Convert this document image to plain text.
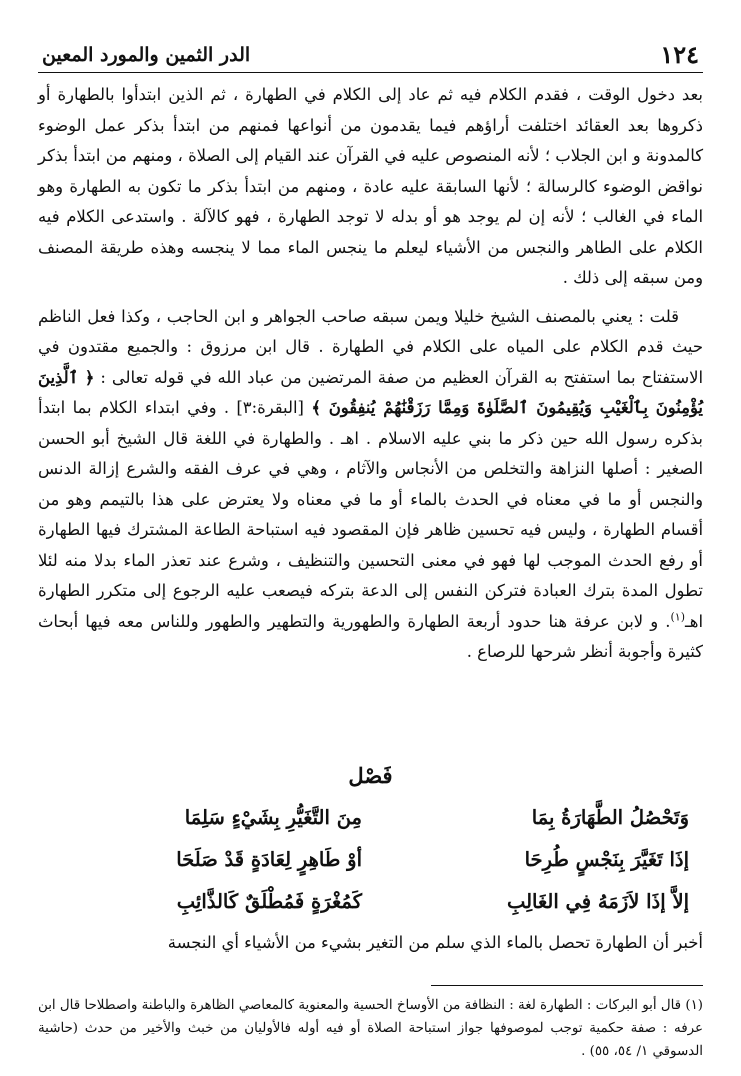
١٢٤
الدر الثمين والمورد المعين

بعد دخول الوقت ، فقدم الكلام فيه ثم عاد إلى الكلام في الطهارة ، ثم الذين ابتدأوا بالطهارة أو ذكروها بعد العقائد اختلفت أراؤهم فيما يقدمون من أنواعها فمنهم من ابتدأ بذكر عمل الوضوء كالمدونة و ابن الجلاب ؛ لأنه المنصوص عليه في القرآن عند القيام إلى الصلاة ، ومنهم من ابتدأ بذكر نواقض الوضوء كالرسالة ؛ لأنها السابقة عليه عادة ، ومنهم من ابتدأ بذكر ما تكون به الطهارة وهو الماء في الغالب ؛ لأنه إن لم يوجد هو أو بدله لا توجد الطهارة ، فهو كالآلة . واستدعى الكلام فيه الكلام على الطاهر والنجس من الأشياء ليعلم ما ينجس الماء مما لا ينجسه وهذه طريقة المصنف ومن سبقه إلى ذلك .

قلت : يعني بالمصنف الشيخ خليلا ويمن سبقه صاحب الجواهر و ابن الحاجب ، وكذا فعل الناظم حيث قدم الكلام على المياه على الكلام في الطهارة . قال ابن مرزوق : والجميع مقتدون في الاستفتاح بما استفتح به القرآن العظيم من صفة المرتضين من عباد الله في قوله تعالى : ﴿ ٱلَّذِينَ يُؤْمِنُونَ بِٱلْغَيْبِ وَيُقِيمُونَ ٱلصَّلَوٰةَ وَمِمَّا رَزَقْنَٰهُمْ يُنفِقُونَ ﴾ [البقرة:٣] . وفي ابتداء الكلام بما ابتدأ بذكره رسول الله حين ذكر ما بني عليه الاسلام . اهـ . والطهارة في اللغة قال الشيخ أبو الحسن الصغير : أصلها النزاهة والتخلص من الأنجاس والآثام ، وهي في عرف الفقه والشرع إزالة الدنس والنجس أو ما في معناه في الحدث بالماء أو ما في معناه ولا يعترض على هذا بالتيمم وهو من أقسام الطهارة ، وليس فيه تحسين ظاهر فإن المقصود فيه استباحة الطاعة المشترك فيها الطهارة أو رفع الحدث الموجب لها فهو في معنى التحسين والتنظيف ، وشرع عند تعذر الماء بدلا منه لئلا تطول المدة بترك العبادة فتركن النفس إلى الدعة بتركه فيصعب عليه الرجوع إلى متكرر الطهارة اهـ$^{(١)}$. و لابن عرفة هنا حدود أربعة الطهارة والطهورية والتطهير والطهور وللناس معه فيها أبحاث كثيرة وأجوبة أنظر شرحها للرصاع .

فَصْل
وَتَحْصُلُ الطَّهَارَةُ بِمَا
مِنَ التَّغَيُّرِ بِشَيْءٍ سَلِمَا
إذَا تَغَيَّرَ بِنَجْسٍ طُرِحَا
أوْ طَاهِرٍ لِعَادَةٍ قَدْ صَلَحَا
إلاَّ إذَا لاَزَمَهُ فِي الغَالِبِ
كَمُغْرَةٍ فَمُطْلَقٌ كَالذَّائِبِ
أخبر أن الطهارة تحصل بالماء الذي سلم من التغير بشيء من الأشياء أي النجسة
(١) قال أبو البركات : الطهارة لغة : النظافة من الأوساخ الحسية والمعنوية كالمعاصي الظاهرة والباطنة واصطلاحا قال ابن عرفه : صفة حكمية توجب لموصوفها جواز استباحة الصلاة أو فيه أوله فالأوليان من خبث والأخير من حدث (حاشية الدسوقي ١/ ٥٤، ٥٥) .
